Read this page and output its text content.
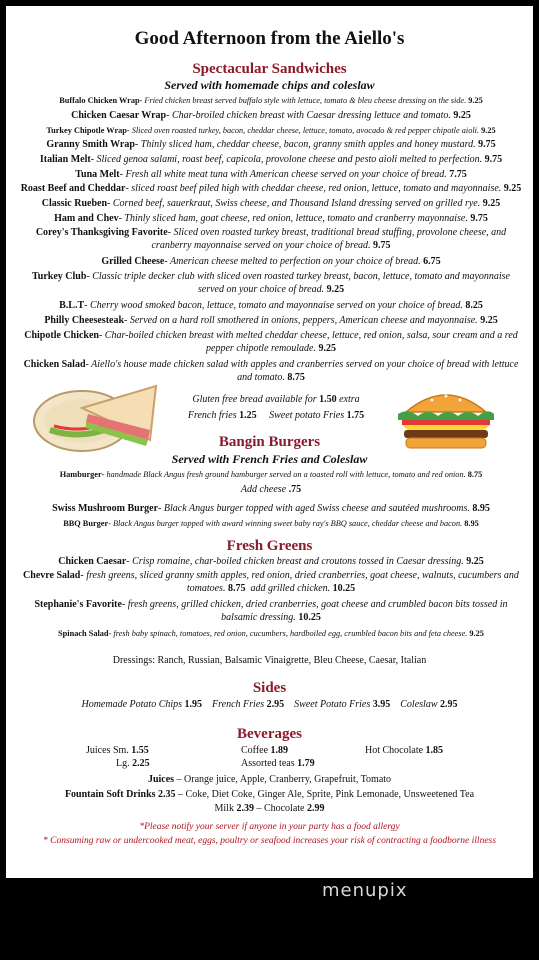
Good Afternoon from the Aiello's
Spectacular Sandwiches
Served with homemade chips and coleslaw
Buffalo Chicken Wrap- Fried chicken breast served buffalo style with lettuce, tomato & bleu cheese dressing on the side. 9.25
Chicken Caesar Wrap- Char-broiled chicken breast with Caesar dressing lettuce and tomato. 9.25
Turkey Chipotle Wrap- Sliced oven roasted turkey, bacon, cheddar cheese, lettuce, tomato, avocado & red pepper chipotle aioli. 9.25
Granny Smith Wrap- Thinly sliced ham, cheddar cheese, bacon, granny smith apples and honey mustard. 9.75
Italian Melt- Sliced genoa salami, roast beef, capicola, provolone cheese and pesto aioli melted to perfection. 9.75
Tuna Melt- Fresh all white meat tuna with American cheese served on your choice of bread. 7.75
Roast Beef and Cheddar- sliced roast beef piled high with cheddar cheese, red onion, lettuce, tomato and mayonnaise. 9.25
Classic Rueben- Corned beef, sauerkraut, Swiss cheese, and Thousand Island dressing served on grilled rye. 9.25
Ham and Chev- Thinly sliced ham, goat cheese, red onion, lettuce, tomato and cranberry mayonnaise. 9.75
Corey's Thanksgiving Favorite- Sliced oven roasted turkey breast, traditional bread stuffing, provolone cheese, and cranberry mayonnaise served on your choice of bread. 9.75
Grilled Cheese- American cheese melted to perfection on your choice of bread. 6.75
Turkey Club- Classic triple decker club with sliced oven roasted turkey breast, bacon, lettuce, tomato and mayonnaise served on your choice of bread. 9.25
B.L.T- Cherry wood smoked bacon, lettuce, tomato and mayonnaise served on your choice of bread. 8.25
Philly Cheesesteak- Served on a hard roll smothered in onions, peppers, American cheese and mayonnaise. 9.25
Chipotle Chicken- Char-boiled chicken breast with melted cheddar cheese, lettuce, red onion, salsa, sour cream and a red pepper chipotle remoulade. 9.25
Chicken Salad- Aiello's house made chicken salad with apples and cranberries served on your choice of bread with lettuce and tomato. 8.75
Gluten free bread available for 1.50 extra
French fries 1.25 Sweet potato Fries 1.75
Bangin Burgers
Served with French Fries and Coleslaw
Hamburger- handmade Black Angus fresh ground hamburger served on a toasted roll with lettuce, tomato and red onion. 8.75
Swiss Mushroom Burger- Black Angus burger topped with aged Swiss cheese and sautéed mushrooms. 8.95
BBQ Burger- Black Angus burger topped with award winning sweet baby ray's BBQ sauce, cheddar cheese and bacon. 8.95
Add cheese .75
Fresh Greens
Chicken Caesar- Crisp romaine, char-boiled chicken breast and croutons tossed in Caesar dressing. 9.25
Chevre Salad- fresh greens, sliced granny smith apples, red onion, dried cranberries, goat cheese, walnuts, cucumbers and tomatoes. 8.75 add grilled chicken. 10.25
Stephanie's Favorite- fresh greens, grilled chicken, dried cranberries, goat cheese and crumbled bacon bits tossed in balsamic dressing. 10.25
Spinach Salad- fresh baby spinach, tomatoes, red onion, cucumbers, hardboiled egg, crumbled bacon bits and feta cheese. 9.25
Dressings: Ranch, Russian, Balsamic Vinaigrette, Bleu Cheese, Caesar, Italian
Sides
Homemade Potato Chips 1.95 French Fries 2.95 Sweet Potato Fries 3.95 Coleslaw 2.95
Beverages
Juices Sm. 1.55
Lg. 2.25
Coffee 1.89
Assorted teas 1.79
Hot Chocolate 1.85
Juices – Orange juice, Apple, Cranberry, Grapefruit, Tomato
Fountain Soft Drinks 2.35 – Coke, Diet Coke, Ginger Ale, Sprite, Pink Lemonade, Unsweetened Tea
Milk 2.39 – Chocolate 2.99
*Please notify your server if anyone in your party has a food allergy
* Consuming raw or undercooked meat, eggs, poultry or seafood increases your risk of contracting a foodborne illness
menupix
